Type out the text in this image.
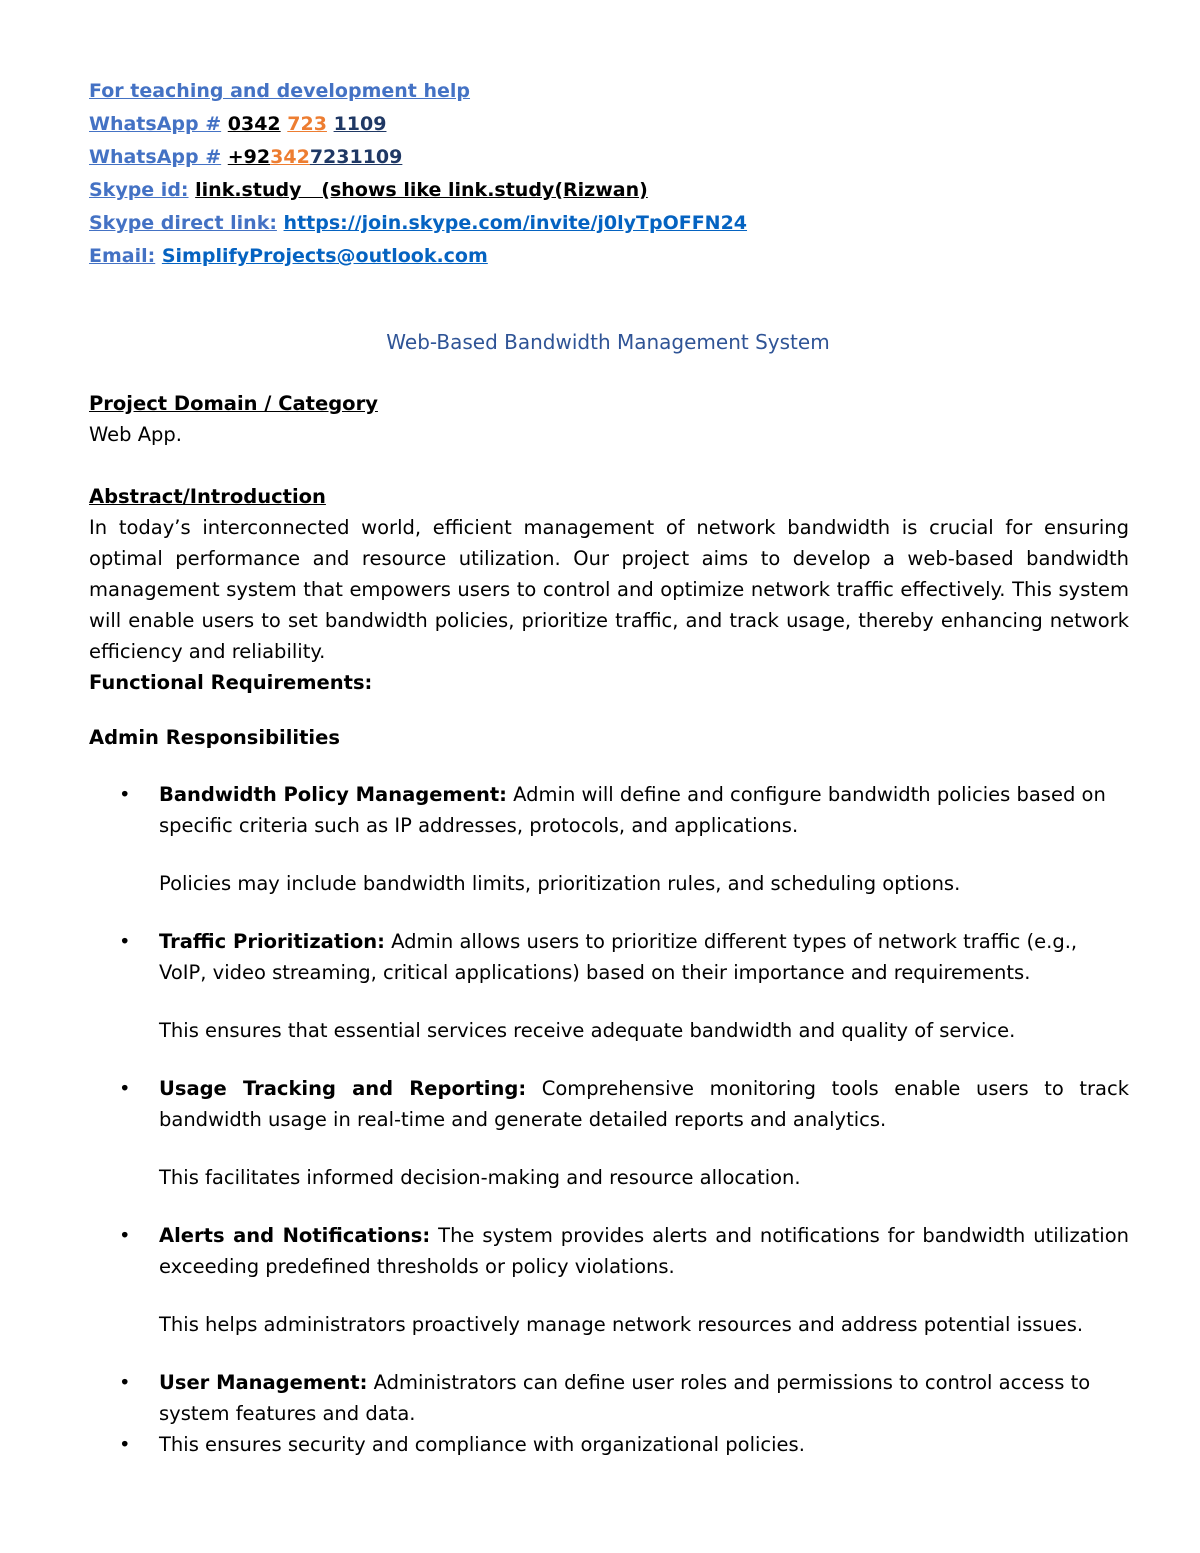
For teaching and development help
WhatsApp # 0342 723 1109
WhatsApp # +923427231109
Skype id: link.study   (shows like link.study(Rizwan)
Skype direct link: https://join.skype.com/invite/j0lyTpOFFN24
Email: SimplifyProjects@outlook.com
Web-Based Bandwidth Management System
Project Domain / Category
Web App.
Abstract/Introduction
In today’s interconnected world, efficient management of network bandwidth is crucial for ensuring optimal performance and resource utilization. Our project aims to develop a web-based bandwidth management system that empowers users to control and optimize network traffic effectively. This system will enable users to set bandwidth policies, prioritize traffic, and track usage, thereby enhancing network efficiency and reliability.
Functional Requirements:
Admin Responsibilities
• Bandwidth Policy Management: Admin will define and configure bandwidth policies based on specific criteria such as IP addresses, protocols, and applications.
Policies may include bandwidth limits, prioritization rules, and scheduling options.
• Traffic Prioritization: Admin allows users to prioritize different types of network traffic (e.g., VoIP, video streaming, critical applications) based on their importance and requirements.
This ensures that essential services receive adequate bandwidth and quality of service.
• Usage Tracking and Reporting: Comprehensive monitoring tools enable users to track bandwidth usage in real-time and generate detailed reports and analytics.
This facilitates informed decision-making and resource allocation.
• Alerts and Notifications: The system provides alerts and notifications for bandwidth utilization exceeding predefined thresholds or policy violations.
This helps administrators proactively manage network resources and address potential issues.
• User Management: Administrators can define user roles and permissions to control access to system features and data.
• This ensures security and compliance with organizational policies.
